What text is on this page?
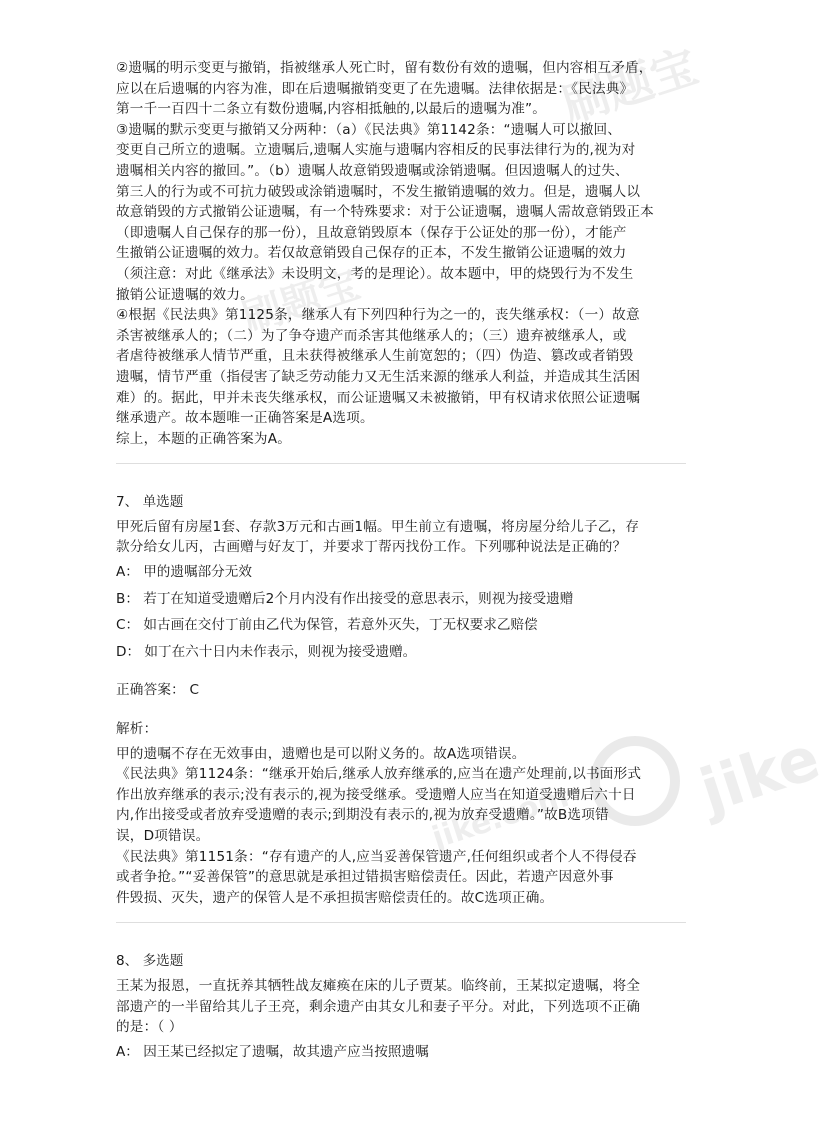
刷题宝
刷题宝
jike
jike.com

②遗嘱的明示变更与撤销，指被继承人死亡时，留有数份有效的遗嘱，但内容相互矛盾，

应以在后遗嘱的内容为准，即在后遗嘱撤销变更了在先遗嘱。法律依据是：《民法典》

第一千一百四十二条立有数份遗嘱,内容相抵触的,以最后的遗嘱为准”。

③遗嘱的默示变更与撤销又分两种：（a）《民法典》第1142条：“遗嘱人可以撤回、

变更自己所立的遗嘱。立遗嘱后,遗嘱人实施与遗嘱内容相反的民事法律行为的,视为对

遗嘱相关内容的撤回。”。（b）遗嘱人故意销毁遗嘱或涂销遗嘱。但因遗嘱人的过失、

第三人的行为或不可抗力破毁或涂销遗嘱时，不发生撤销遗嘱的效力。但是，遗嘱人以

故意销毁的方式撤销公证遗嘱，有一个特殊要求：对于公证遗嘱，遗嘱人需故意销毁正本

（即遗嘱人自己保存的那一份），且故意销毁原本（保存于公证处的那一份），才能产

生撤销公证遗嘱的效力。若仅故意销毁自己保存的正本，不发生撤销公证遗嘱的效力

（须注意：对此《继承法》未设明文，考的是理论）。故本题中，甲的烧毁行为不发生

撤销公证遗嘱的效力。

④根据《民法典》第1125条，继承人有下列四种行为之一的，丧失继承权：（一）故意

杀害被继承人的；（二）为了争夺遗产而杀害其他继承人的；（三）遗弃被继承人，或

者虐待被继承人情节严重，且未获得被继承人生前宽恕的；（四）伪造、篡改或者销毁

遗嘱，情节严重（指侵害了缺乏劳动能力又无生活来源的继承人利益，并造成其生活困

难）的。据此，甲并未丧失继承权，而公证遗嘱又未被撤销，甲有权请求依照公证遗嘱

继承遗产。故本题唯一正确答案是A选项。

综上，本题的正确答案为A。

7、 单选题

甲死后留有房屋1套、存款3万元和古画1幅。甲生前立有遗嘱，将房屋分给儿子乙，存

款分给女儿丙，古画赠与好友丁，并要求丁帮丙找份工作。下列哪种说法是正确的？

A： 甲的遗嘱部分无效

B： 若丁在知道受遗赠后2个月内没有作出接受的意思表示，则视为接受遗赠

C： 如古画在交付丁前由乙代为保管，若意外灭失，丁无权要求乙赔偿

D： 如丁在六十日内未作表示，则视为接受遗赠。

正确答案： C

解析：

甲的遗嘱不存在无效事由，遗赠也是可以附义务的。故A选项错误。

《民法典》第1124条：“继承开始后,继承人放弃继承的,应当在遗产处理前,以书面形式

作出放弃继承的表示;没有表示的,视为接受继承。受遗赠人应当在知道受遗赠后六十日

内,作出接受或者放弃受遗赠的表示;到期没有表示的,视为放弃受遗赠。”故B选项错

误，D项错误。

《民法典》第1151条：“存有遗产的人,应当妥善保管遗产,任何组织或者个人不得侵吞

或者争抢。”“妥善保管”的意思就是承担过错损害赔偿责任。因此，若遗产因意外事

件毁损、灭失，遗产的保管人是不承担损害赔偿责任的。故C选项正确。

8、 多选题

王某为报恩，一直抚养其牺牲战友瘫痪在床的儿子贾某。临终前，王某拟定遗嘱，将全

部遗产的一半留给其儿子王亮，剩余遗产由其女儿和妻子平分。对此，下列选项不正确

的是：（ ）

A： 因王某已经拟定了遗嘱，故其遗产应当按照遗嘱
